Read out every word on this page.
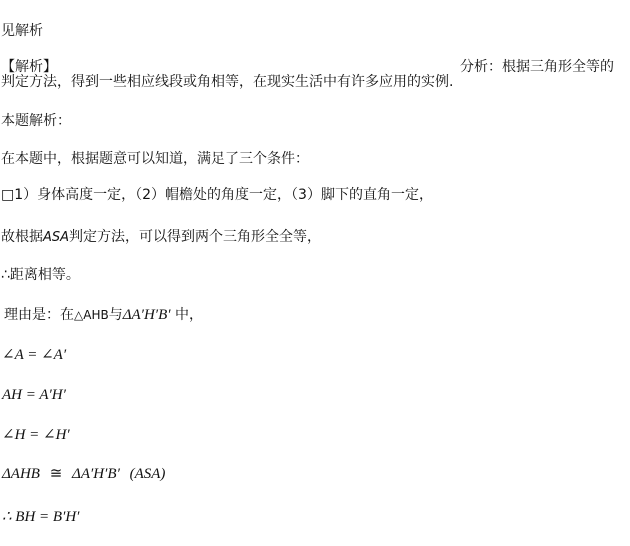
见解析
【解析】	分析：根据三角形全等的
判定方法，得到一些相应线段或角相等，在现实生活中有许多应用的实例.
本题解析：
在本题中，根据题意可以知道，满足了三个条件：
□1）身体高度一定，（2）帽檐处的角度一定，（3）脚下的直角一定，
故根据ASA判定方法，可以得到两个三角形全全等，
∴距离相等。
理由是：在△AHB与ΔA′H′B′ 中，
∠A = ∠A′
AH = A′H′
∠H = ∠H′
ΔAHB ≅ ΔA′H′B′ (ASA)
∴ BH = B′H′
